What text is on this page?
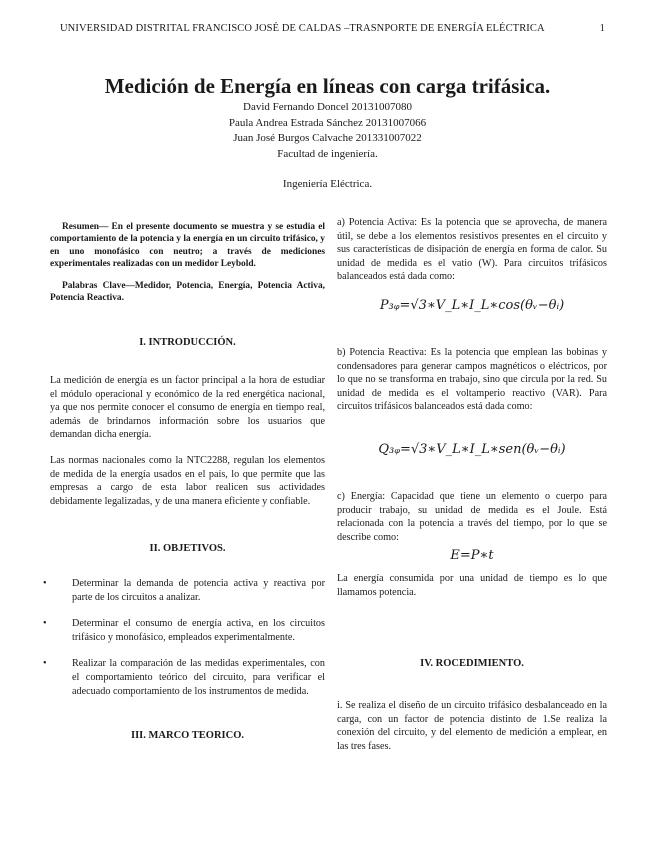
UNIVERSIDAD DISTRITAL FRANCISCO JOSÉ DE CALDAS –TRASNPORTE DE ENERGÍA ELÉCTRICA	1
Medición de Energía en líneas con carga trifásica.
David Fernando Doncel 20131007080
Paula Andrea Estrada Sánchez 20131007066
Juan José Burgos Calvache 201331007022
Facultad de ingeniería.
Ingeniería Eléctrica.

Resumen— En el presente documento se muestra y se estudia el comportamiento de la potencia y la energía en un circuito trifásico, y en uno monofásico con neutro; a través de mediciones experimentales realizadas con un medidor Leybold.

Palabras Clave—Medidor, Potencia, Energía, Potencia Activa, Potencia Reactiva.

I. INTRODUCCIÓN.

La medición de energía es un factor principal a la hora de estudiar el módulo operacional y económico de la red energética nacional, ya que nos permite conocer el consumo de energía en tiempo real, además de brindarnos información sobre los usuarios que demandan dicha energía.

Las normas nacionales como la NTC2288, regulan los elementos de medida de la energía usados en el país, lo que permite que las empresas a cargo de esta labor realicen sus actividades debidamente legalizadas, y de una manera eficiente y confiable.

II. OBJETIVOS.

• Determinar la demanda de potencia activa y reactiva por parte de los circuitos a analizar.
• Determinar el consumo de energía activa, en los circuitos trifásico y monofásico, empleados experimentalmente.
• Realizar la comparación de las medidas experimentales, con el comportamiento teórico del circuito, para verificar el adecuado comportamiento de los instrumentos de medida.

III. MARCO TEORICO.

a) Potencia Activa: Es la potencia que se aprovecha, de manera útil, se debe a los elementos resistivos presentes en el circuito y sus características de disipación de energía en forma de calor. Su unidad de medida es el vatio (W). Para circuitos trifásicos balanceados está dada como:

P₃ᵩ=√3∗V_L∗I_L∗cos(θᵥ−θᵢ)

b) Potencia Reactiva: Es la potencia que emplean las bobinas y condensadores para generar campos magnéticos o eléctricos, por lo que no se transforma en trabajo, sino que circula por la red. Su unidad de medida es el voltamperio reactivo (VAR). Para circuitos trifásicos balanceados está dada como:

Q₃ᵩ=√3∗V_L∗I_L∗sen(θᵥ−θᵢ)

c) Energía: Capacidad que tiene un elemento o cuerpo para producir trabajo, su unidad de medida es el Joule. Está relacionada con la potencia a través del tiempo, por lo que se describe como:

E=P∗t

La energía consumida por una unidad de tiempo es lo que llamamos potencia.

IV. ROCEDIMIENTO.

i. Se realiza el diseño de un circuito trifásico desbalanceado en la carga, con un factor de potencia distinto de 1.Se realiza la conexión del circuito, y del elemento de medición a emplear, en las tres fases.
